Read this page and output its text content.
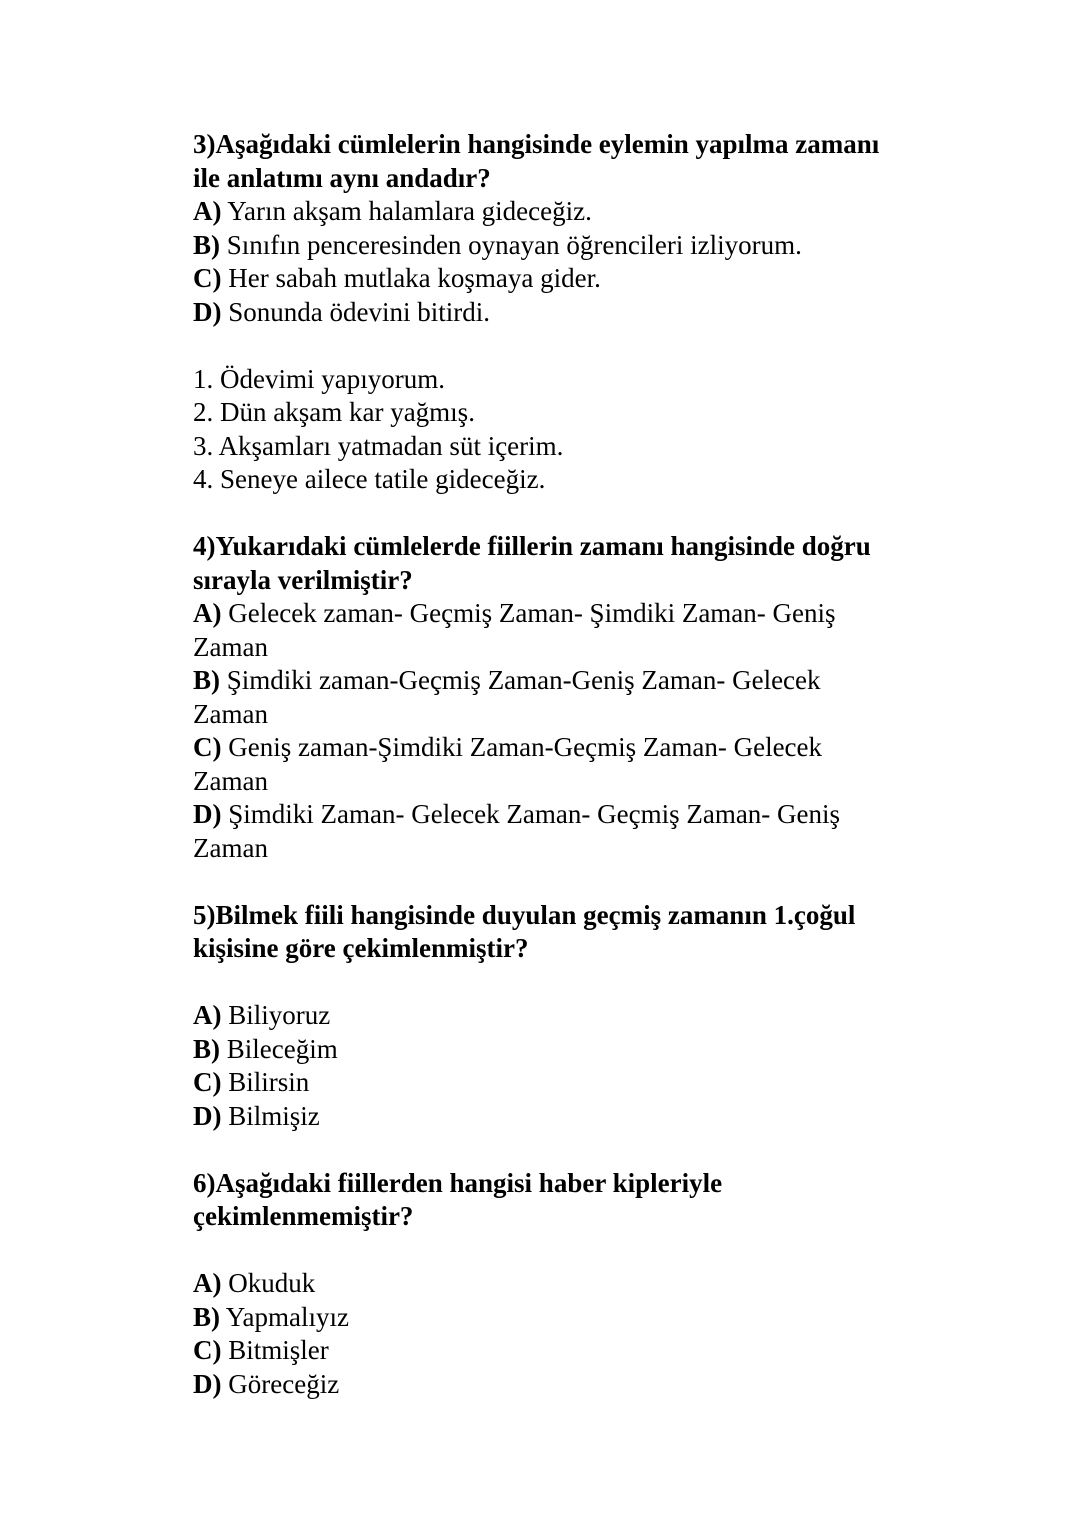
3)Aşağıdaki cümlelerin hangisinde eylemin yapılma zamanı
ile anlatımı aynı andadır?
A) Yarın akşam halamlara gideceğiz.
B) Sınıfın penceresinden oynayan öğrencileri izliyorum.
C) Her sabah mutlaka koşmaya gider.
D) Sonunda ödevini bitirdi.
1. Ödevimi yapıyorum.
2. Dün akşam kar yağmış.
3. Akşamları yatmadan süt içerim.
4. Seneye ailece tatile gideceğiz.
4)Yukarıdaki cümlelerde fiillerin zamanı hangisinde doğru
sırayla verilmiştir?
A) Gelecek zaman- Geçmiş Zaman- Şimdiki Zaman- Geniş
Zaman
B) Şimdiki zaman-Geçmiş Zaman-Geniş Zaman- Gelecek
Zaman
C) Geniş zaman-Şimdiki Zaman-Geçmiş Zaman- Gelecek
Zaman
D) Şimdiki Zaman- Gelecek Zaman- Geçmiş Zaman- Geniş
Zaman
5)Bilmek fiili hangisinde duyulan geçmiş zamanın 1.çoğul
kişisine göre çekimlenmiştir?
A) Biliyoruz
B) Bileceğim
C) Bilirsin
D) Bilmişiz
6)Aşağıdaki fiillerden hangisi haber kipleriyle
çekimlenmemiştir?
A) Okuduk
B) Yapmalıyız
C) Bitmişler
D) Göreceğiz
